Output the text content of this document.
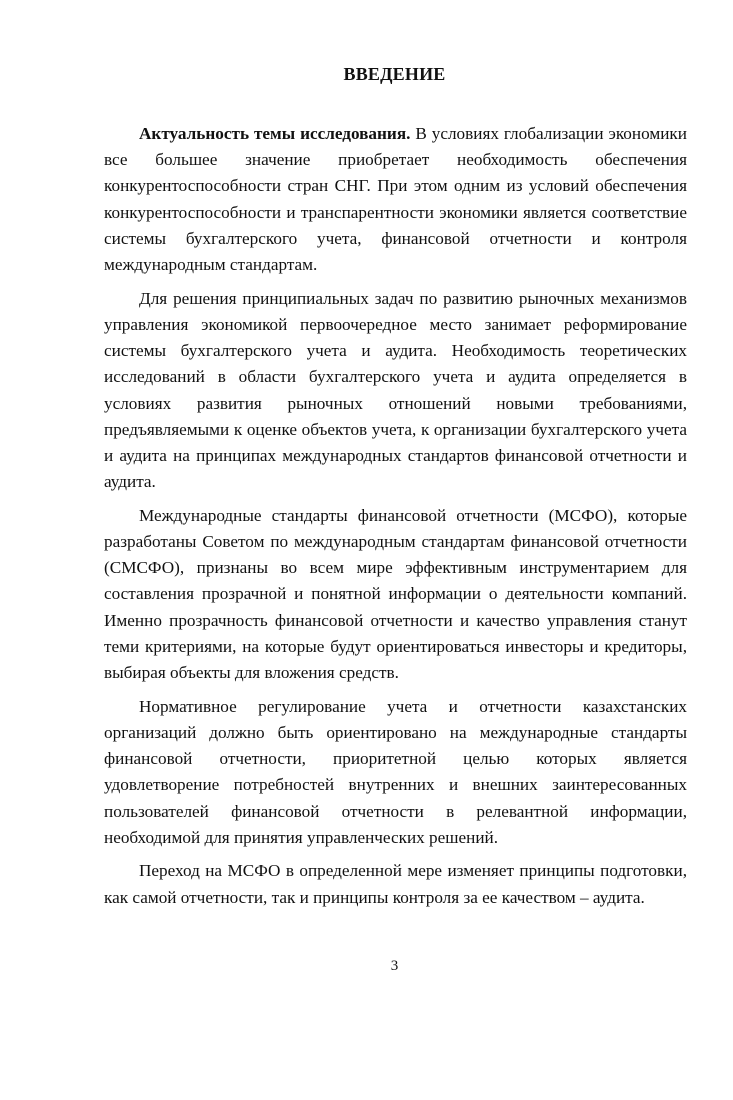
ВВЕДЕНИЕ

Актуальность темы исследования. В условиях глобализации экономики все большее значение приобретает необходимость обеспечения конкурентоспособности стран СНГ. При этом одним из условий обеспечения конкурентоспособности и транспарентности экономики является соответствие системы бухгалтерского учета, финансовой отчетности и контроля международным стандартам.

Для решения принципиальных задач по развитию рыночных механизмов управления экономикой первоочередное место занимает реформирование системы бухгалтерского учета и аудита. Необходимость теоретических исследований в области бухгалтерского учета и аудита определяется в условиях развития рыночных отношений новыми требованиями, предъявляемыми к оценке объектов учета, к организации бухгалтерского учета и аудита на принципах международных стандартов финансовой отчетности и аудита.

Международные стандарты финансовой отчетности (МСФО), которые разработаны Советом по международным стандартам финансовой отчетности (СМСФО), признаны во всем мире эффективным инструментарием для составления прозрачной и понятной информации о деятельности компаний. Именно прозрачность финансовой отчетности и качество управления станут теми критериями, на которые будут ориентироваться инвесторы и кредиторы, выбирая объекты для вложения средств.

Нормативное регулирование учета и отчетности казахстанских организаций должно быть ориентировано на международные стандарты финансовой отчетности, приоритетной целью которых является удовлетворение потребностей внутренних и внешних заинтересованных пользователей финансовой отчетности в релевантной информации, необходимой для принятия управленческих решений.

Переход на МСФО в определенной мере изменяет принципы подготовки, как самой отчетности, так и принципы контроля за ее качеством – аудита.

3
